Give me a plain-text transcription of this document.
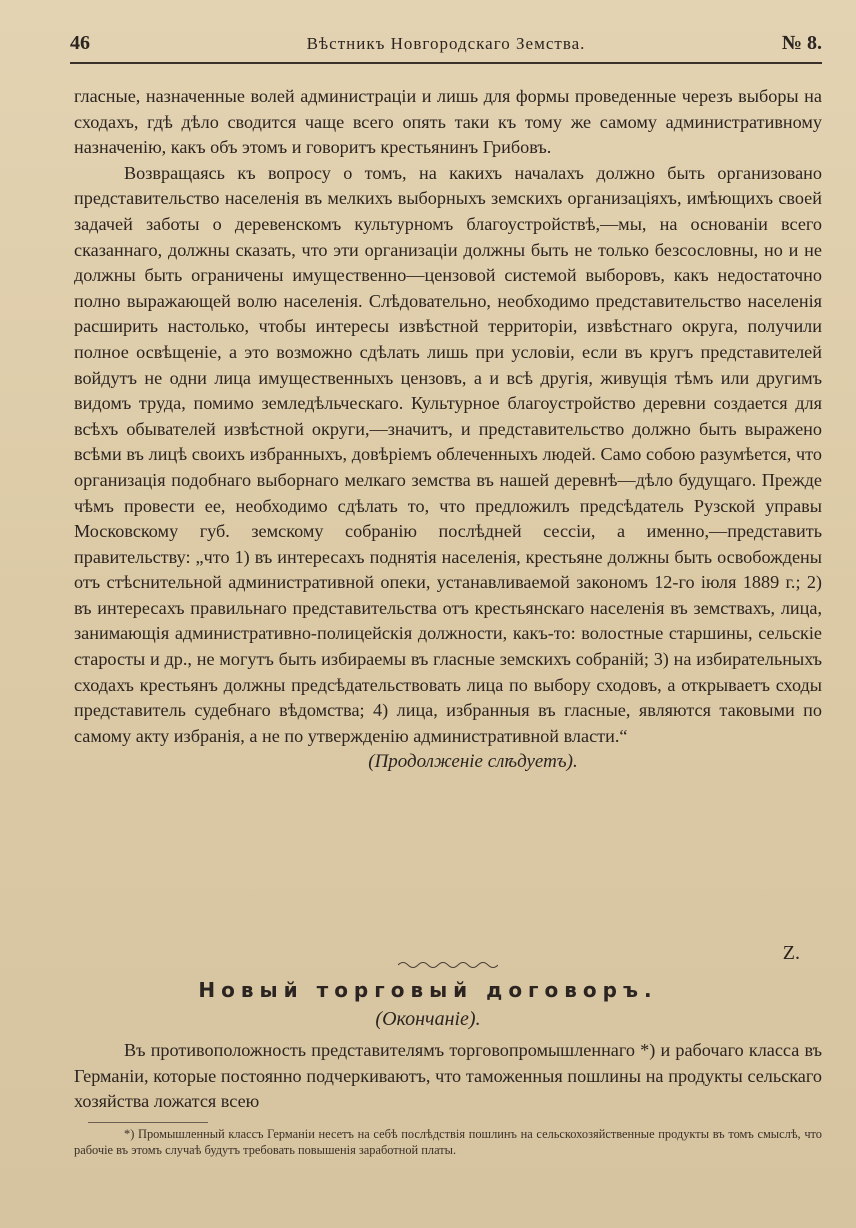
46	Вѣстникъ Новгородскаго Земства.	№ 8.

гласные, назначенные волей администраціи и лишь для формы проведенные черезъ выборы на сходахъ, гдѣ дѣло сводится чаще всего опять таки къ тому же самому административному назначенію, какъ объ этомъ и говоритъ крестьянинъ Грибовъ.

Возвращаясь къ вопросу о томъ, на какихъ началахъ должно быть организовано представительство населенія въ мелкихъ выборныхъ земскихъ организаціяхъ, имѣющихъ своей задачей заботы о деревенскомъ культурномъ благоустройствѣ,—мы, на основаніи всего сказаннаго, должны сказать, что эти организаціи должны быть не только безсословны, но и не должны быть ограничены имущественно—цензовой системой выборовъ, какъ недостаточно полно выражающей волю населенія. Слѣдовательно, необходимо представительство населенія расширить настолько, чтобы интересы извѣстной территоріи, извѣстнаго округа, получили полное освѣщеніе, а это возможно сдѣлать лишь при условіи, если въ кругъ представителей войдутъ не одни лица имущественныхъ цензовъ, а и всѣ другія, живущія тѣмъ или другимъ видомъ труда, помимо земледѣльческаго. Культурное благоустройство деревни создается для всѣхъ обывателей извѣстной округи,—значитъ, и представительство должно быть выражено всѣми въ лицѣ своихъ избранныхъ, довѣріемъ облеченныхъ людей. Само собою разумѣется, что организація подобнаго выборнаго мелкаго земства въ нашей деревнѣ—дѣло будущаго. Прежде чѣмъ провести ее, необходимо сдѣлать то, что предложилъ предсѣдатель Рузской управы Московскому губ. земскому собранію послѣдней сессіи, а именно,—представить правительству: „что 1) въ интересахъ поднятія населенія, крестьяне должны быть освобождены отъ стѣснительной административной опеки, устанавливаемой закономъ 12-го іюля 1889 г.; 2) въ интересахъ правильнаго представительства отъ крестьянскаго населенія въ земствахъ, лица, занимающія административно-полицейскія должности, какъ-то: волостные старшины, сельскіе старосты и др., не могутъ быть избираемы въ гласные земскихъ собраній; 3) на избирательныхъ сходахъ крестьянъ должны предсѣдательствовать лица по выбору сходовъ, а открываетъ сходы представитель судебнаго вѣдомства; 4) лица, избранныя въ гласные, являются таковыми по самому акту избранія, а не по утвержденію административной власти.“

(Продолженіе слѣдуетъ).

Z.
Новый торговый договоръ.
(Окончаніе).

Въ противоположность представителямъ торговопромышленнаго *) и рабочаго класса въ Германіи, которые постоянно подчеркиваютъ, что таможенныя пошлины на продукты сельскаго хозяйства ложатся всею

*) Промышленный классъ Германіи несетъ на себѣ послѣдствія пошлинъ на сельскохозяйственные продукты въ томъ смыслѣ, что рабочіе въ этомъ случаѣ будутъ требовать повышенія заработной платы.
